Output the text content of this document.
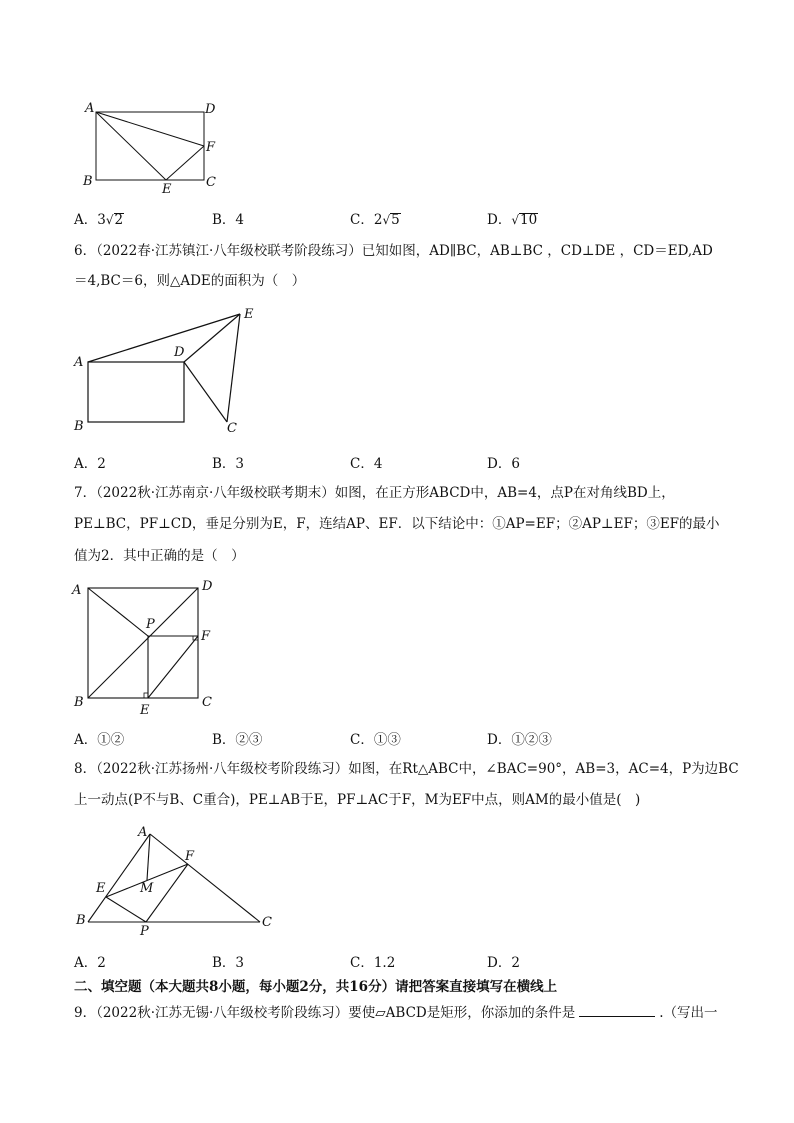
A	D
F
B
E	C
A．3√2	B．4	C．2√5	D．√10
6．（2022春·江苏镇江·八年级校联考阶段练习）已知如图，AD∥BC，AB⊥BC ，CD⊥DE ，CD＝ED,AD
＝4,BC＝6，则△ADE的面积为（　）
E
A
D
B	C
A．2	B．3	C．4	D．6
7．（2022秋·江苏南京·八年级校联考期末）如图，在正方形ABCD中，AB=4，点P在对角线BD上，
PE⊥BC，PF⊥CD，垂足分别为E，F，连结AP、EF．以下结论中：①AP=EF；②AP⊥EF；③EF的最小
值为2．其中正确的是（　）
A	D
P
F
B
E
C
A．①②	B．②③	C．①③	D．①②③
8．（2022秋·江苏扬州·八年级校考阶段练习）如图，在Rt△ABC中，∠BAC=90°，AB=3，AC=4，P为边BC
上一动点(P不与B、C重合)，PE⊥AB于E，PF⊥AC于F，M为EF中点，则AM的最小值是(　)
A
F
E	M
B
P
C
A．2	B．3	C．1.2	D．2
二、填空题（本大题共8小题，每小题2分，共16分）请把答案直接填写在横线上
9．（2022秋·江苏无锡·八年级校考阶段练习）要使▱ABCD是矩形，你添加的条件是	.（写出一
